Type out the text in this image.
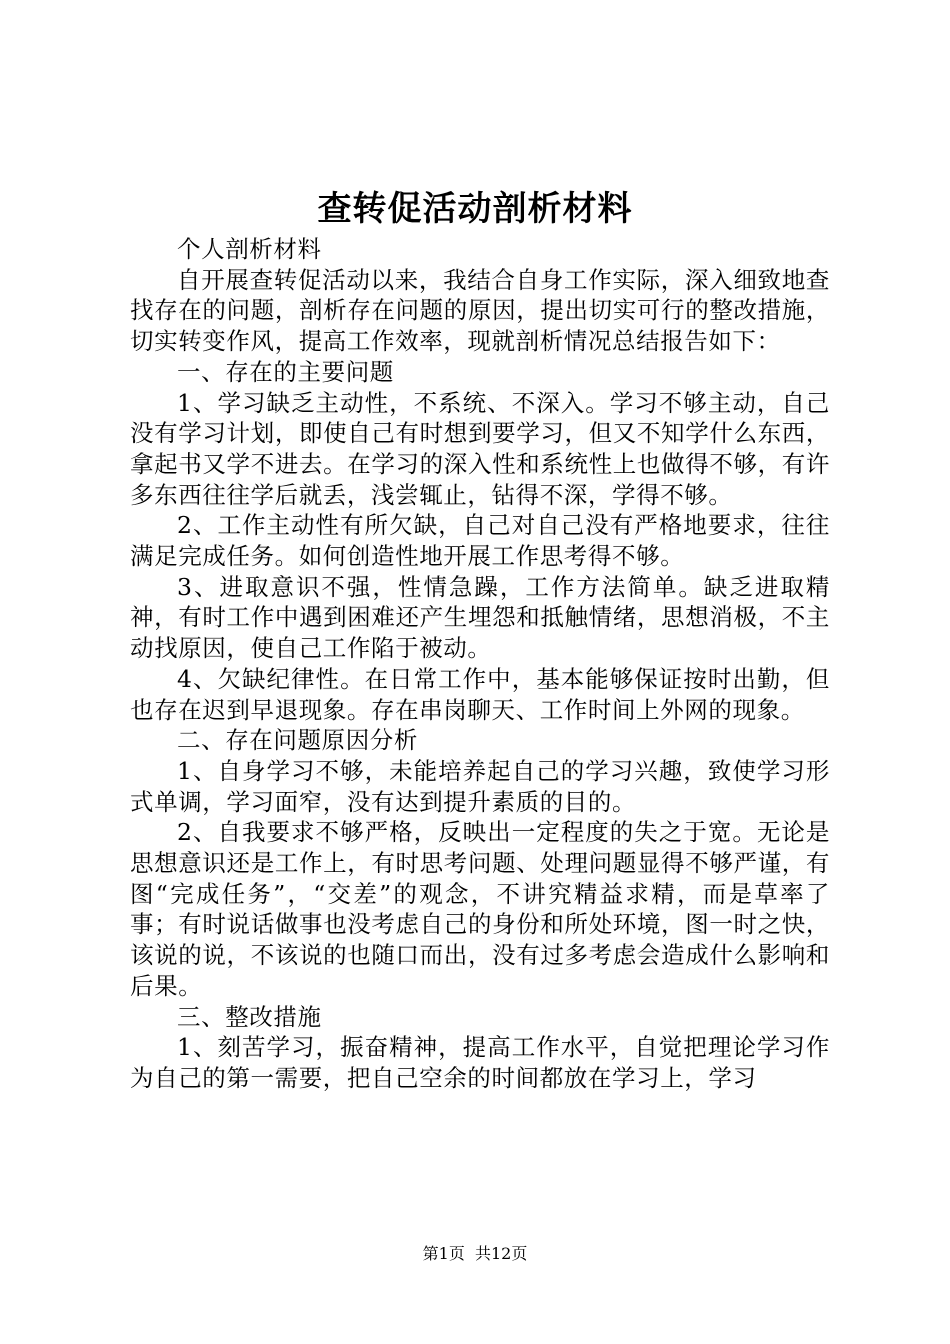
查转促活动剖析材料

个人剖析材料

自开展查转促活动以来，我结合自身工作实际，深入细致地查找存在的问题，剖析存在问题的原因，提出切实可行的整改措施，切实转变作风，提高工作效率，现就剖析情况总结报告如下：

一、存在的主要问题

1、学习缺乏主动性，不系统、不深入。学习不够主动，自己没有学习计划，即使自己有时想到要学习，但又不知学什么东西，拿起书又学不进去。在学习的深入性和系统性上也做得不够，有许多东西往往学后就丢，浅尝辄止，钻得不深，学得不够。

2、工作主动性有所欠缺，自己对自己没有严格地要求，往往满足完成任务。如何创造性地开展工作思考得不够。

3、进取意识不强，性情急躁，工作方法简单。缺乏进取精神，有时工作中遇到困难还产生埋怨和抵触情绪，思想消极，不主动找原因，使自己工作陷于被动。

4、欠缺纪律性。在日常工作中，基本能够保证按时出勤，但也存在迟到早退现象。存在串岗聊天、工作时间上外网的现象。

二、存在问题原因分析

1、自身学习不够，未能培养起自己的学习兴趣，致使学习形式单调，学习面窄，没有达到提升素质的目的。

2、自我要求不够严格，反映出一定程度的失之于宽。无论是思想意识还是工作上，有时思考问题、处理问题显得不够严谨，有图“完成任务”，“交差”的观念，不讲究精益求精，而是草率了事；有时说话做事也没考虑自己的身份和所处环境，图一时之快，该说的说，不该说的也随口而出，没有过多考虑会造成什么影响和后果。

三、整改措施

1、刻苦学习，振奋精神，提高工作水平，自觉把理论学习作为自己的第一需要，把自己空余的时间都放在学习上，学习

第1页  共12页
